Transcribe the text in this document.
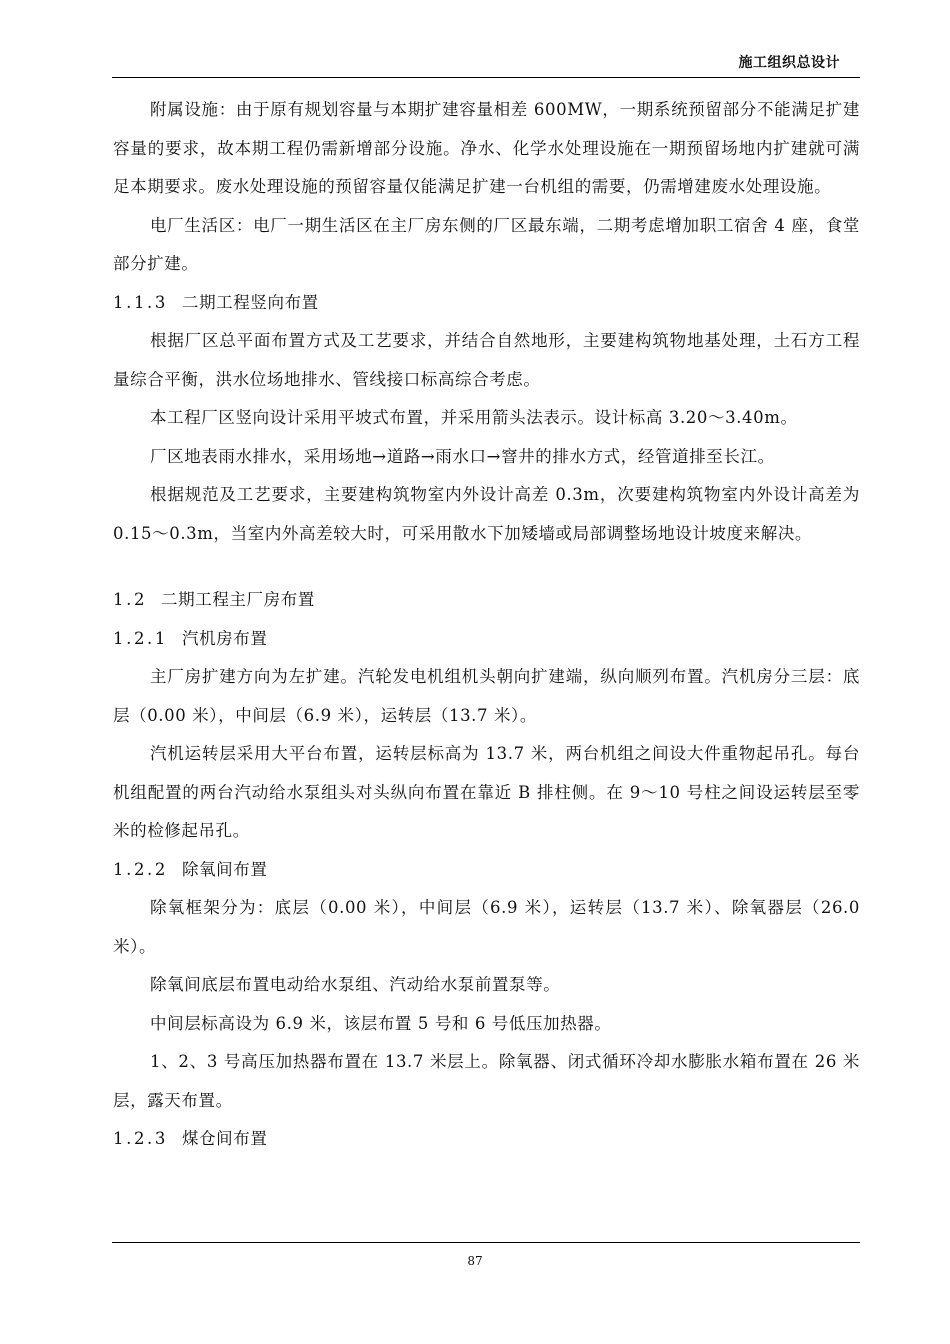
施工组织总设计

附属设施：由于原有规划容量与本期扩建容量相差 600MW，一期系统预留部分不能满足扩建容量的要求，故本期工程仍需新增部分设施。净水、化学水处理设施在一期预留场地内扩建就可满足本期要求。废水处理设施的预留容量仅能满足扩建一台机组的需要，仍需增建废水处理设施。

电厂生活区：电厂一期生活区在主厂房东侧的厂区最东端，二期考虑增加职工宿舍 4 座，食堂部分扩建。

1.1.3 二期工程竖向布置

根据厂区总平面布置方式及工艺要求，并结合自然地形，主要建构筑物地基处理，土石方工程量综合平衡，洪水位场地排水、管线接口标高综合考虑。

本工程厂区竖向设计采用平坡式布置，并采用箭头法表示。设计标高 3.20～3.40m。

厂区地表雨水排水，采用场地→道路→雨水口→窨井的排水方式，经管道排至长江。

根据规范及工艺要求，主要建构筑物室内外设计高差 0.3m，次要建构筑物室内外设计高差为 0.15～0.3m，当室内外高差较大时，可采用散水下加矮墙或局部调整场地设计坡度来解决。

1.2 二期工程主厂房布置

1.2.1 汽机房布置

主厂房扩建方向为左扩建。汽轮发电机组机头朝向扩建端，纵向顺列布置。汽机房分三层：底层（0.00 米），中间层（6.9 米），运转层（13.7 米）。

汽机运转层采用大平台布置，运转层标高为 13.7 米，两台机组之间设大件重物起吊孔。每台机组配置的两台汽动给水泵组头对头纵向布置在靠近 B 排柱侧。在 9～10 号柱之间设运转层至零米的检修起吊孔。

1.2.2 除氧间布置

除氧框架分为：底层（0.00 米），中间层（6.9 米），运转层（13.7 米）、除氧器层（26.0 米）。

除氧间底层布置电动给水泵组、汽动给水泵前置泵等。

中间层标高设为 6.9 米，该层布置 5 号和 6 号低压加热器。

1、2、3 号高压加热器布置在 13.7 米层上。除氧器、闭式循环冷却水膨胀水箱布置在 26 米层，露天布置。

1.2.3 煤仓间布置

87
